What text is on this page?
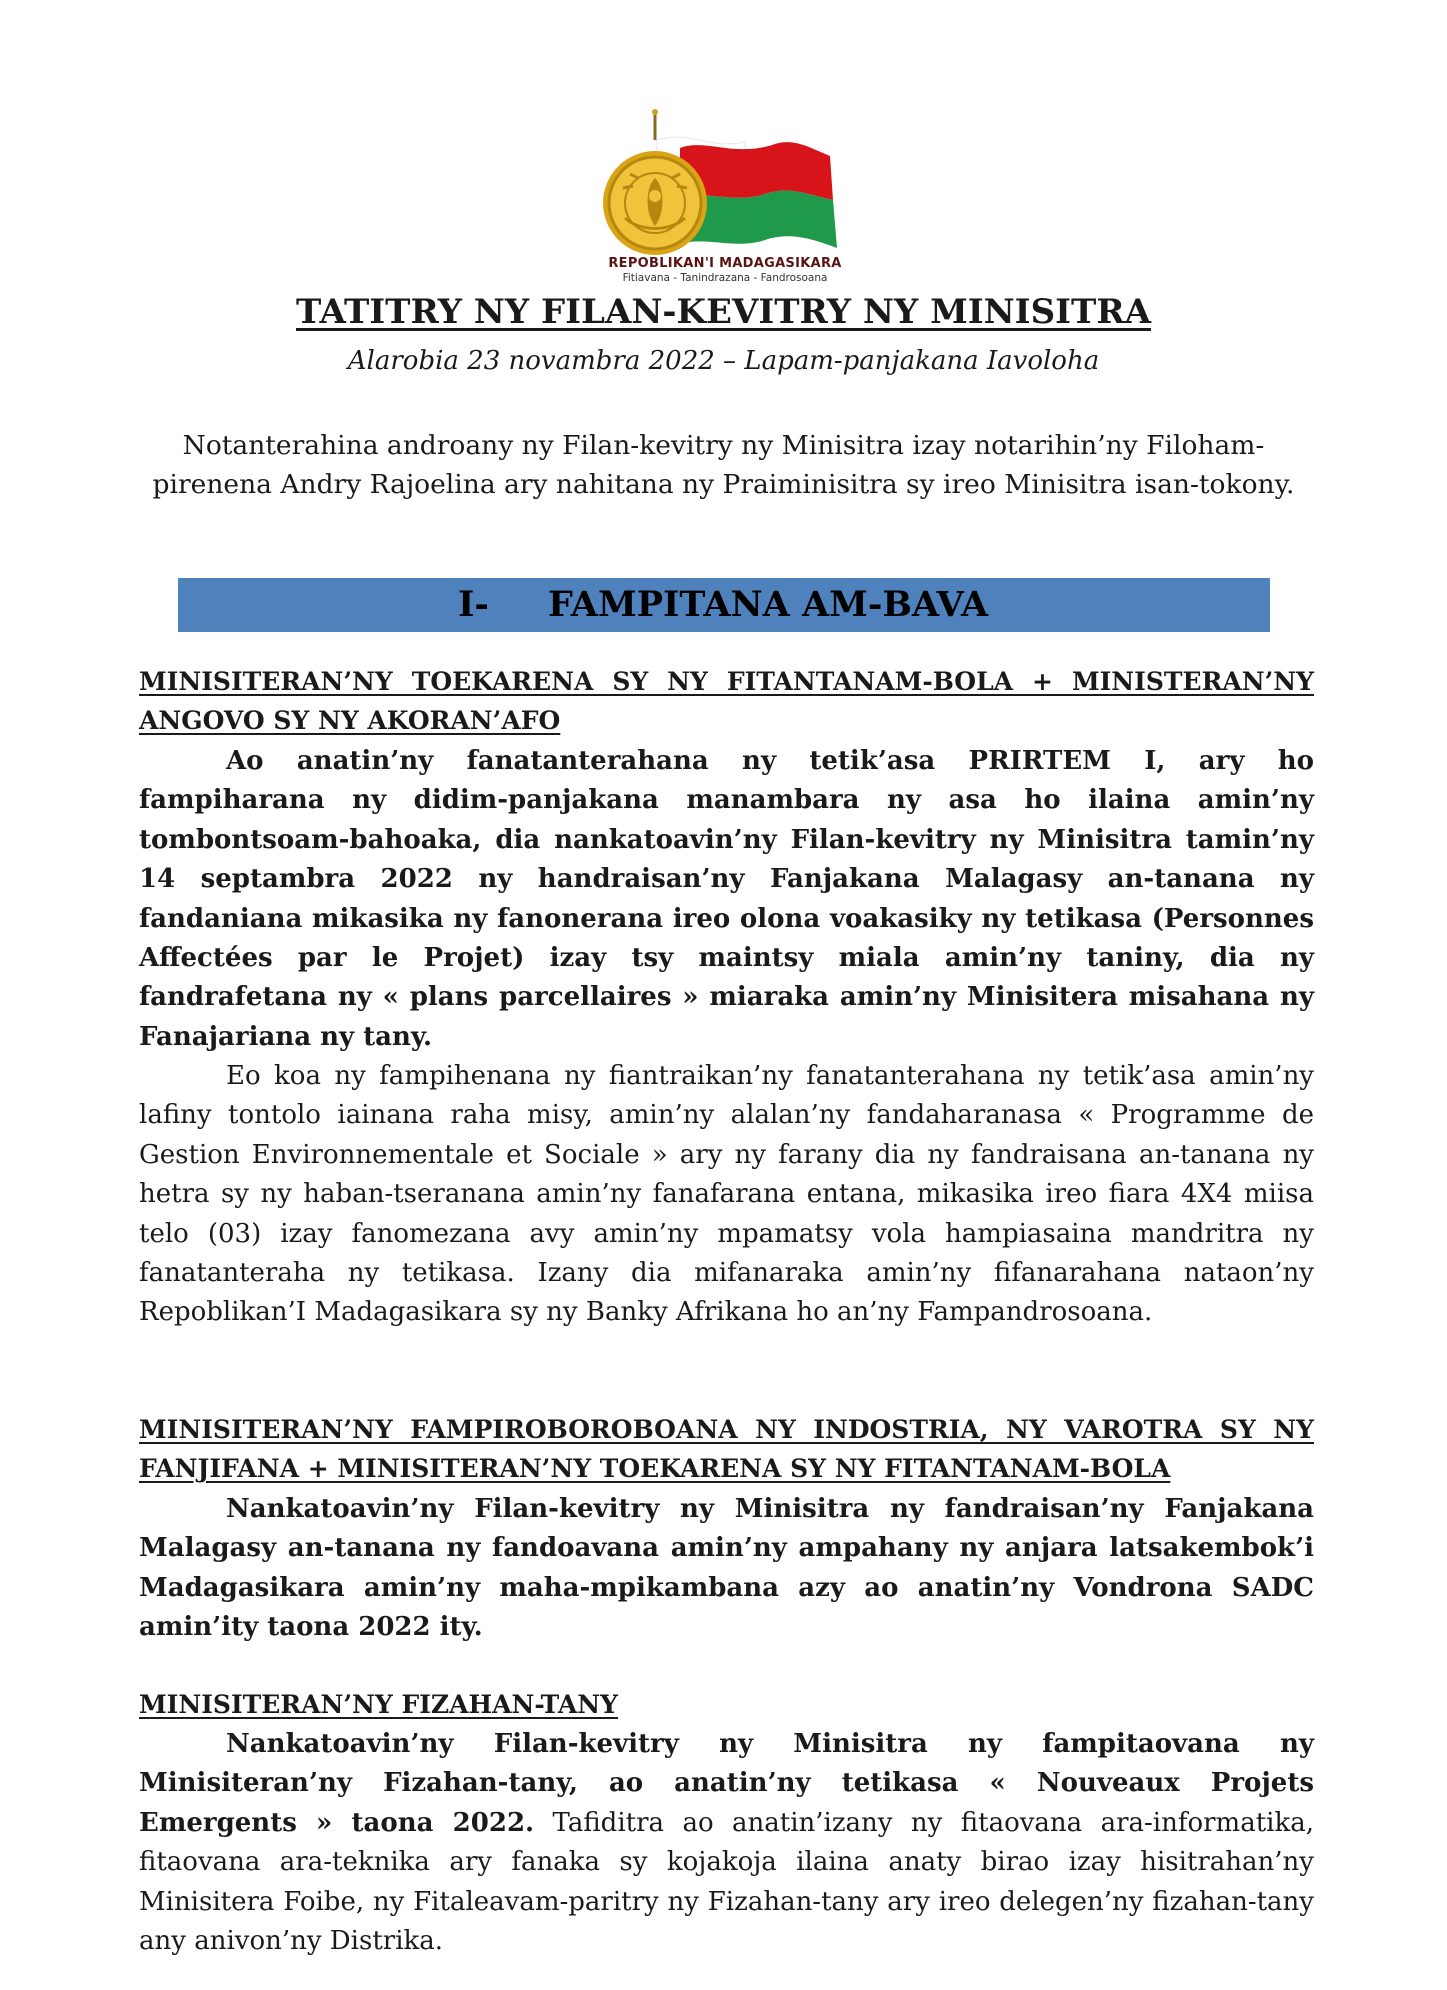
REPOBLIKAN'I MADAGASIKARA
Fitiavana - Tanindrazana - Fandrosoana
TATITRY NY FILAN-KEVITRY NY MINISITRA
Alarobia 23 novambra 2022 – Lapam-panjakana Iavoloha
Notanterahina androany ny Filan-kevitry ny Minisitra izay notarihin’ny Filoham-pirenena Andry Rajoelina ary nahitana ny Praiminisitra sy ireo Minisitra isan-tokony.
I- FAMPITANA AM-BAVA
MINISITERAN’NY TOEKARENA SY NY FITANTANAM-BOLA + MINISTERAN’NY ANGOVO SY NY AKORAN’AFO

Ao anatin’ny fanatanterahana ny tetik’asa PRIRTEM I, ary ho fampiharana ny didim-panjakana manambara ny asa ho ilaina amin’ny tombontsoam-bahoaka, dia nankatoavin’ny Filan-kevitry ny Minisitra tamin’ny 14 septambra 2022 ny handraisan’ny Fanjakana Malagasy an-tanana ny fandaniana mikasika ny fanonerana ireo olona voakasiky ny tetikasa (Personnes Affectées par le Projet) izay tsy maintsy miala amin’ny taniny, dia ny fandrafetana ny « plans parcellaires » miaraka amin’ny Minisitera misahana ny Fanajariana ny tany.

Eo koa ny fampihenana ny fiantraikan’ny fanatanterahana ny tetik’asa amin’ny lafiny tontolo iainana raha misy, amin’ny alalan’ny fandaharanasa « Programme de Gestion Environnementale et Sociale » ary ny farany dia ny fandraisana an-tanana ny hetra sy ny haban-tseranana amin’ny fanafarana entana, mikasika ireo fiara 4X4 miisa telo (03) izay fanomezana avy amin’ny mpamatsy vola hampiasaina mandritra ny fanatanteraha ny tetikasa. Izany dia mifanaraka amin’ny fifanarahana nataon’ny Repoblikan’I Madagasikara sy ny Banky Afrikana ho an’ny Fampandrosoana.

MINISITERAN’NY FAMPIROBOROBOANA NY INDOSTRIA, NY VAROTRA SY NY FANJIFANA + MINISITERAN’NY TOEKARENA SY NY FITANTANAM-BOLA

Nankatoavin’ny Filan-kevitry ny Minisitra ny fandraisan’ny Fanjakana Malagasy an-tanana ny fandoavana amin’ny ampahany ny anjara latsakembok’i Madagasikara amin’ny maha-mpikambana azy ao anatin’ny Vondrona SADC amin’ity taona 2022 ity.

MINISITERAN’NY FIZAHAN-TANY

Nankatoavin’ny Filan-kevitry ny Minisitra ny fampitaovana ny Minisiteran’ny Fizahan-tany, ao anatin’ny tetikasa « Nouveaux Projets Emergents » taona 2022. Tafiditra ao anatin’izany ny fitaovana ara-informatika, fitaovana ara-teknika ary fanaka sy kojakoja ilaina anaty birao izay hisitrahan’ny Minisitera Foibe, ny Fitaleavam-paritry ny Fizahan-tany ary ireo delegen’ny fizahan-tany any anivon’ny Distrika.
